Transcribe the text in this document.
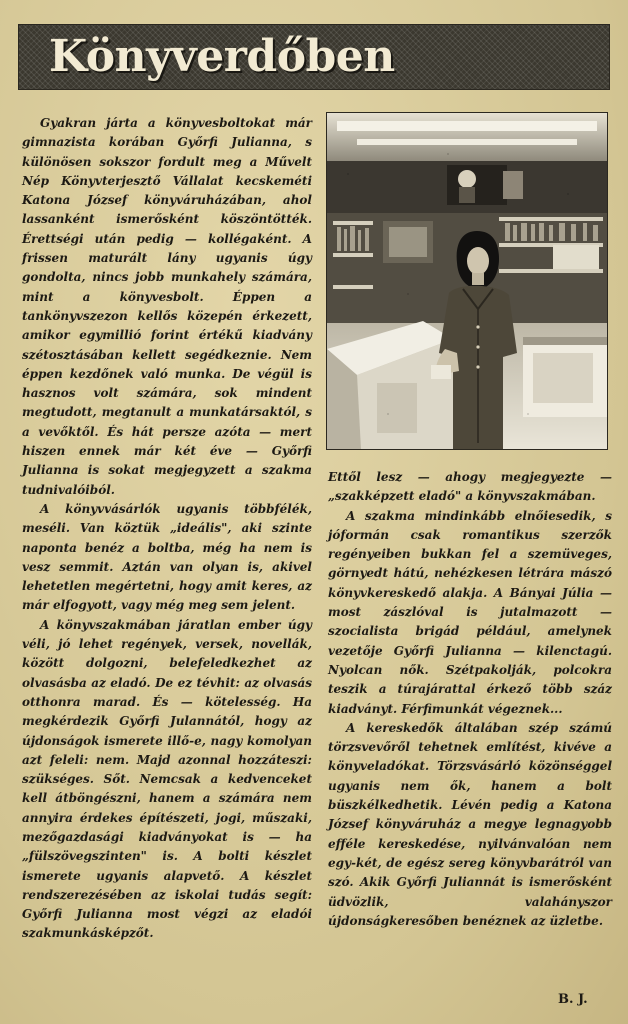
Könyverdőben

Gyakran járta a könyvesboltokat már gimnazista korában Győrfi Julianna, s különösen sokszor fordult meg a Művelt Nép Könyvterjesztő Vállalat kecskeméti Katona József könyváruházában, ahol lassanként ismerősként köszöntötték. Érettségi után pedig — kollégaként. A frissen maturált lány ugyanis úgy gondolta, nincs jobb munkahely számára, mint a könyvesbolt. Éppen a tankönyvszezon kellős közepén érkezett, amikor egymillió forint értékű kiadvány szétosztásában kellett segédkeznie. Nem éppen kezdőnek való munka. De végül is hasznos volt számára, sok mindent megtudott, megtanult a munkatársaktól, s a vevőktől. És hát persze azóta — mert hiszen ennek már két éve — Győrfi Julianna is sokat megjegyzett a szakma tudnivalóiból.

A könyvvásárlók ugyanis többfélék, meséli. Van köztük „ideális", aki szinte naponta benéz a boltba, még ha nem is vesz semmit. Aztán van olyan is, akivel lehetetlen megértetni, hogy amit keres, az már elfogyott, vagy még meg sem jelent.

A könyvszakmában járatlan ember úgy véli, jó lehet regények, versek, novellák, között dolgozni, belefeledkezhet az olvasásba az eladó. De ez tévhit: az olvasás otthonra marad. És — kötelesség. Ha megkérdezik Győrfi Julannától, hogy az újdonságok ismerete illő-e, nagy komolyan azt feleli: nem. Majd azonnal hozzáteszi: szükséges. Sőt. Nemcsak a kedvenceket kell átböngészni, hanem a számára nem annyira érdekes építészeti, jogi, műszaki, mezőgazdasági kiadványokat is — ha „fülszövegszinten" is. A bolti készlet ismerete ugyanis alapvető. A készlet rendszerezésében az iskolai tudás segít: Győrfi Julianna most végzi az eladói szakmunkásképzőt.

Ettől lesz — ahogy megjegyezte — „szakképzett eladó" a könyvszakmában.

A szakma mindinkább elnőiesedik, s jóformán csak romantikus szerzők regényeiben bukkan fel a szemüveges, görnyedt hátú, nehézkesen létrára mászó könyvkereskedő alakja. A Bányai Júlia — most zászlóval is jutalmazott — szocialista brigád például, amelynek vezetője Győrfi Julianna — kilenctagú. Nyolcan nők. Szétpakolják, polcokra teszik a túrajárattal érkező több száz kiadványt. Férfimunkát végeznek...

A kereskedők általában szép számú törzsvevőről tehetnek említést, kivéve a könyveladókat. Törzsvásárló közönséggel ugyanis nem ők, hanem a bolt büszkélkedhetik. Lévén pedig a Katona József könyváruház a megye legnagyobb efféle kereskedése, nyilvánvalóan nem egy-két, de egész sereg könyvbarátról van szó. Akik Győrfi Juliannát is ismerősként üdvözlik, valahányszor újdonságkeresőben benéznek az üzletbe.

B. J.
